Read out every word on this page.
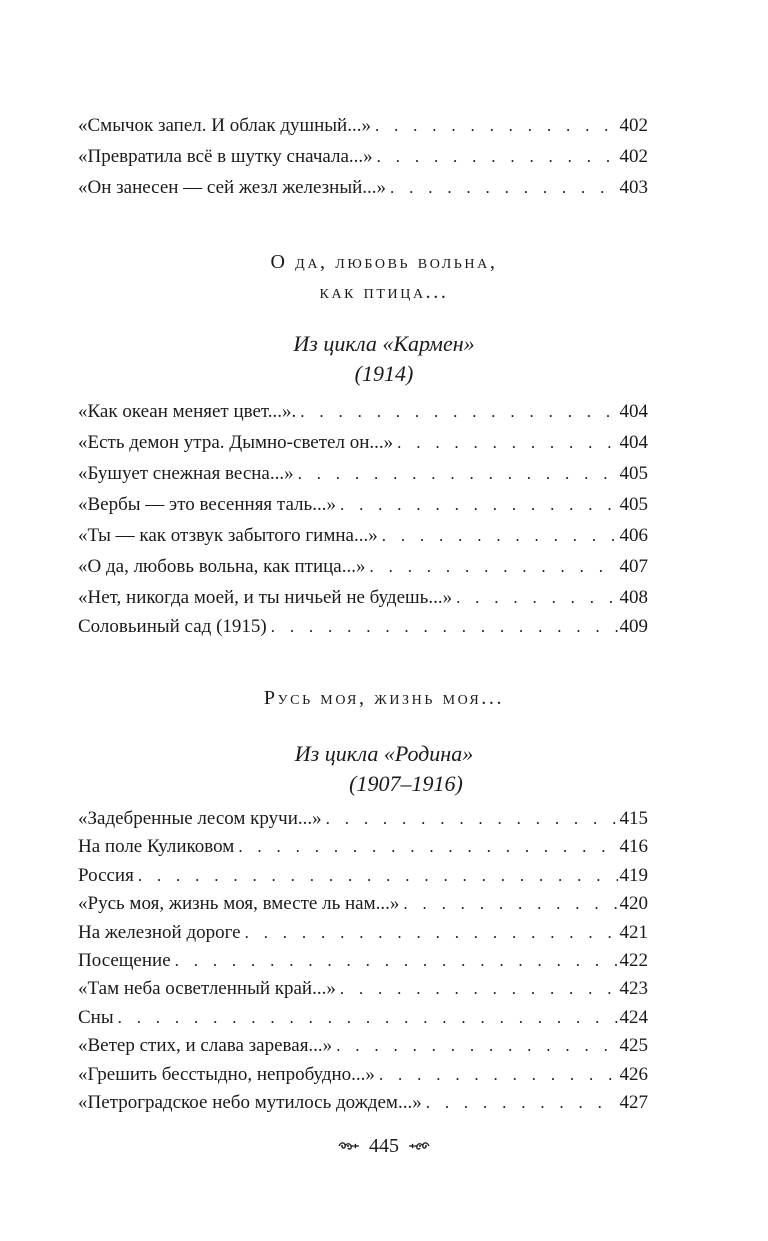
«Смычок запел. И облак душный...» . . .	402
«Превратила всё в шутку сначала...» . . .	402
«Он занесен — сей жезл железный...» . . .	403
О да, любовь вольна,
как птица...
Из цикла «Кармен»
(1914)
«Как океан меняет цвет...». . . .	404
«Есть демон утра. Дымно-светел он...» . . .	404
«Бушует снежная весна...» . . .	405
«Вербы — это весенняя таль...» . . .	405
«Ты — как отзвук забытого гимна...» . . .	406
«О да, любовь вольна, как птица...» . . .	407
«Нет, никогда моей, и ты ничьей не будешь...» . . .	408
Соловьиный сад (1915) . . .	409
Русь моя, жизнь моя...
Из цикла «Родина»
(1907–1916)
«Задебренные лесом кручи...» . . .	415
На поле Куликовом . . .	416
Россия . . .	419
«Русь моя, жизнь моя, вместе ль нам...» . . .	420
На железной дороге . . .	421
Посещение . . .	422
«Там неба осветленный край...» . . .	423
Сны . . .	424
«Ветер стих, и слава заревая...» . . .	425
«Грешить бесстыдно, непробудно...» . . .	426
«Петроградское небо мутилось дождем...» . . .	427
445
